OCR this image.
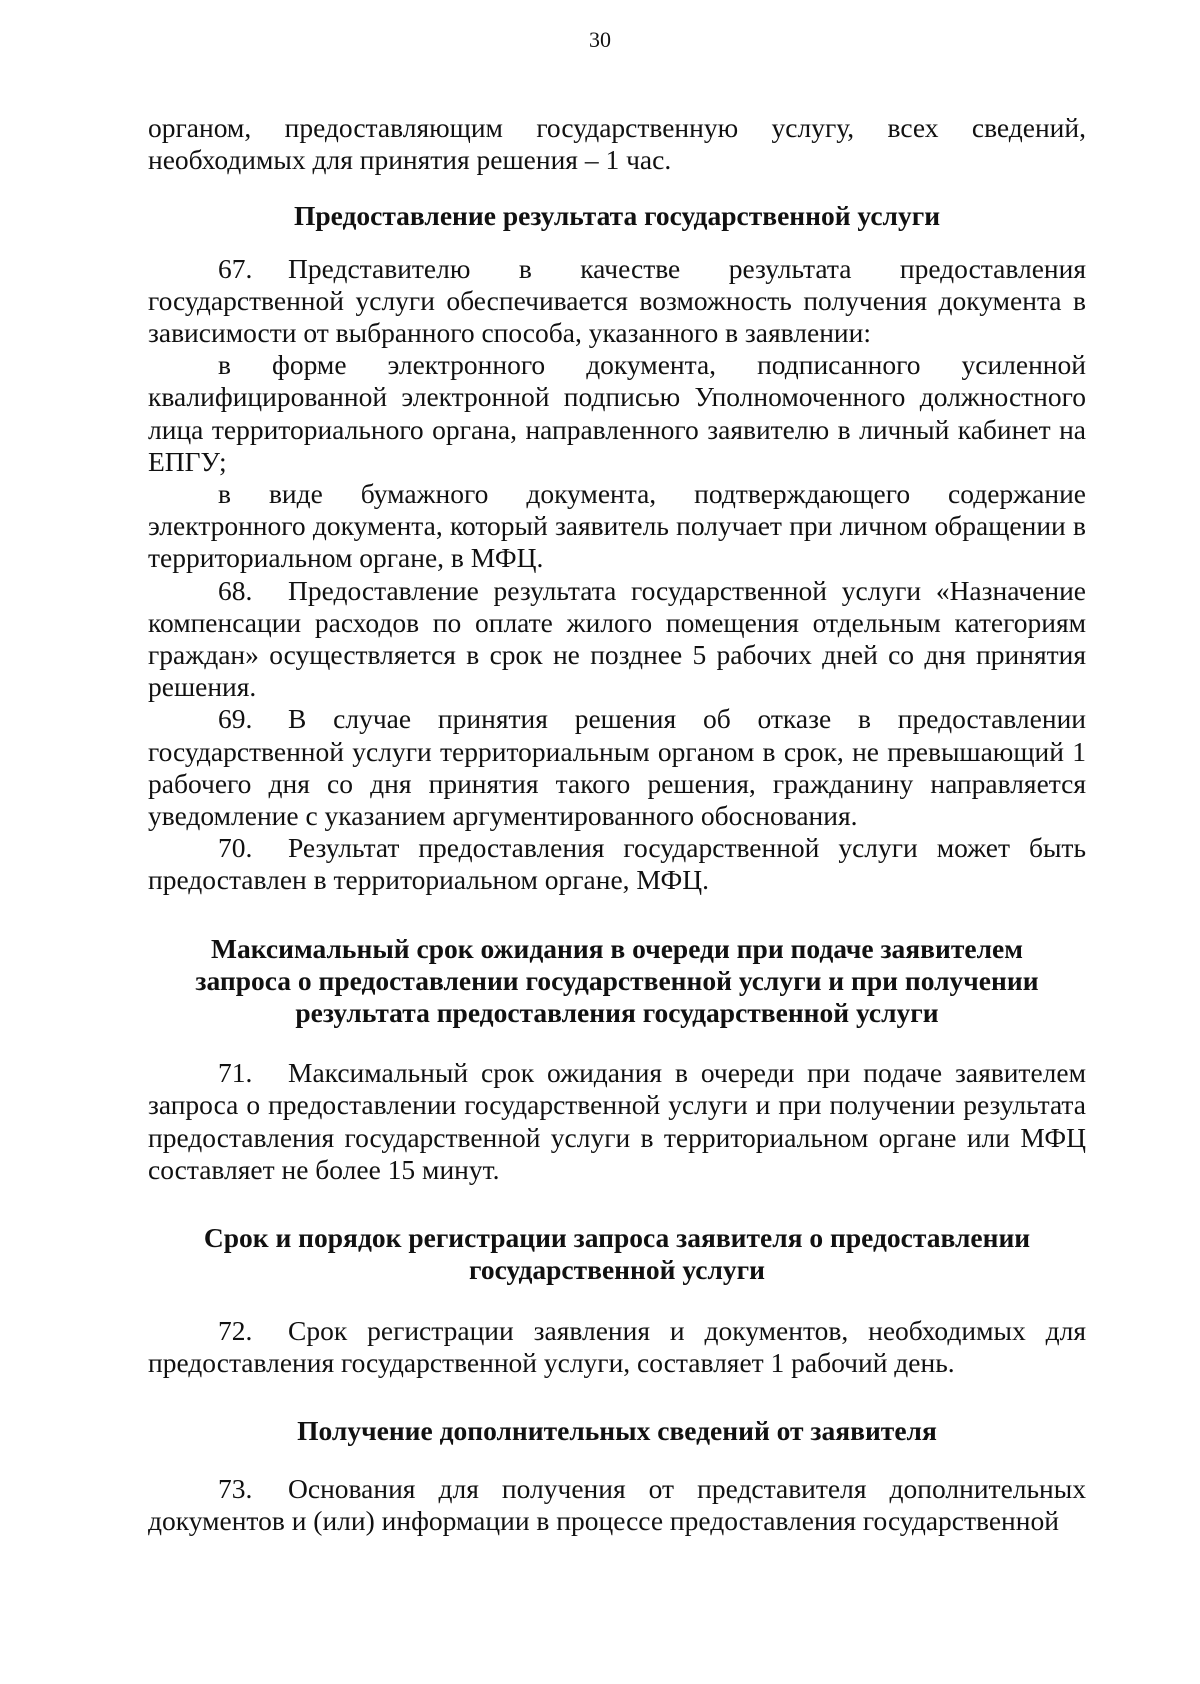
30

органом, предоставляющим государственную услугу, всех сведений, необходимых для принятия решения – 1 час.

Предоставление результата государственной услуги

67. Представителю в качестве результата предоставления государственной услуги обеспечивается возможность получения документа в зависимости от выбранного способа, указанного в заявлении:

в форме электронного документа, подписанного усиленной квалифицированной электронной подписью Уполномоченного должностного лица территориального органа, направленного заявителю в личный кабинет на ЕПГУ;

в виде бумажного документа, подтверждающего содержание электронного документа, который заявитель получает при личном обращении в территориальном органе, в МФЦ.

68. Предоставление результата государственной услуги «Назначение компенсации расходов по оплате жилого помещения отдельным категориям граждан» осуществляется в срок не позднее 5 рабочих дней со дня принятия решения.

69. В случае принятия решения об отказе в предоставлении государственной услуги территориальным органом в срок, не превышающий 1 рабочего дня со дня принятия такого решения, гражданину направляется уведомление с указанием аргументированного обоснования.

70. Результат предоставления государственной услуги может быть предоставлен в территориальном органе, МФЦ.

Максимальный срок ожидания в очереди при подаче заявителем
запроса о предоставлении государственной услуги и при получении
результата предоставления государственной услуги

71. Максимальный срок ожидания в очереди при подаче заявителем запроса о предоставлении государственной услуги и при получении результата предоставления государственной услуги в территориальном органе или МФЦ составляет не более 15 минут.

Срок и порядок регистрации запроса заявителя о предоставлении
государственной услуги

72. Срок регистрации заявления и документов, необходимых для предоставления государственной услуги, составляет 1 рабочий день.

Получение дополнительных сведений от заявителя

73. Основания для получения от представителя дополнительных документов и (или) информации в процессе предоставления государственной
